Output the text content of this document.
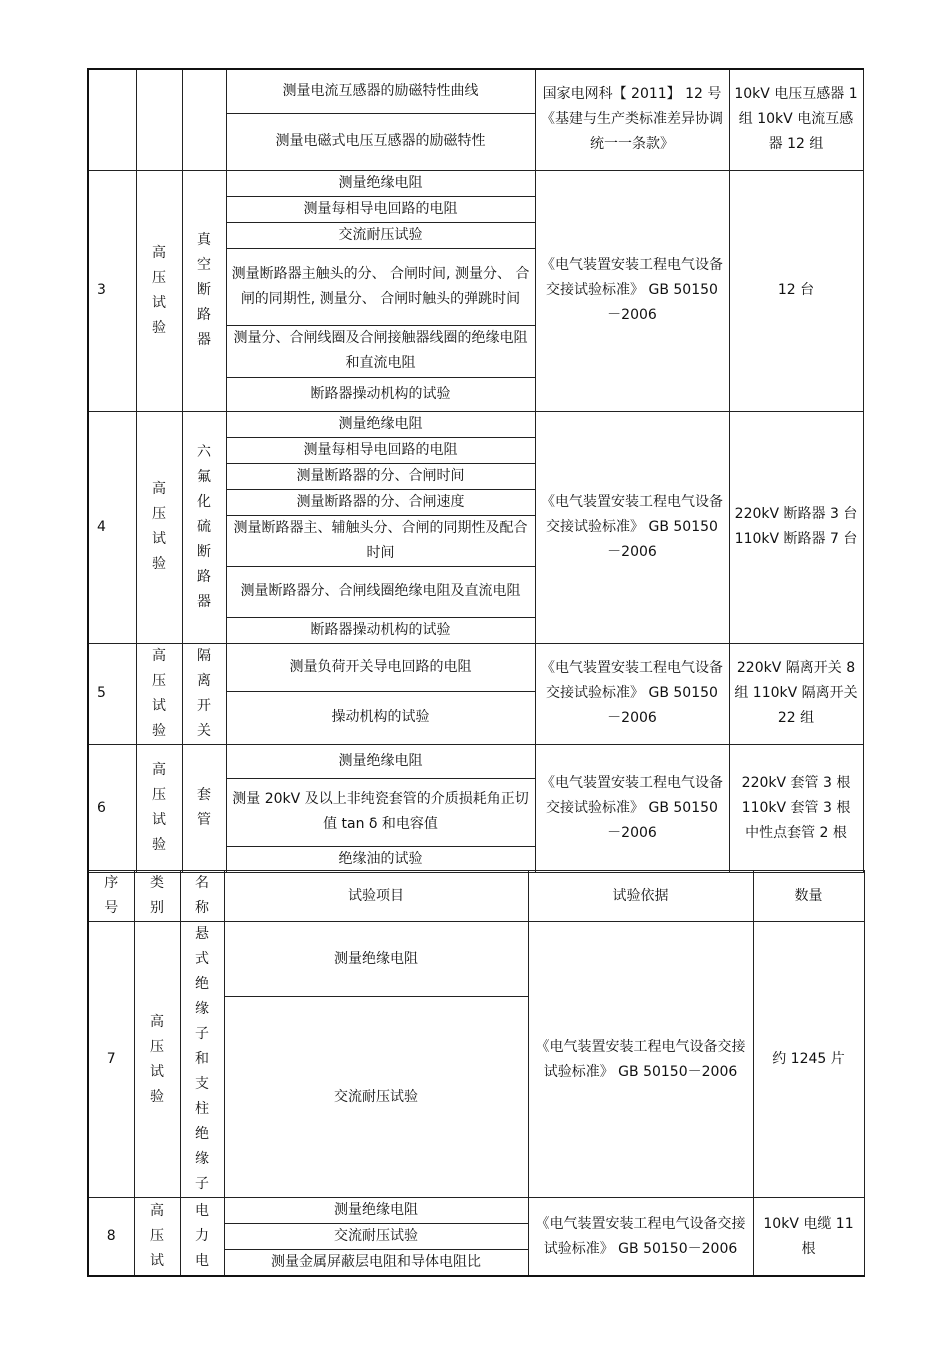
			测量电流互感器的励磁特性曲线	国家电网科【 2011】 12 号《基建与生产类标准差异协调统一一条款》	10kV 电压互感器 1 组 10kV 电流互感器 12 组
			测量电磁式电压互感器的励磁特性		
3	高压试验	真空断路器	测量绝缘电阻	《电气装置安装工程电气设备交接试验标准》 GB 50150－2006	12 台
			测量每相导电回路的电阻		
			交流耐压试验		
			测量断路器主触头的分、 合闸时间, 测量分、 合闸的同期性, 测量分、 合闸时触头的弹跳时间		
			测量分、合闸线圈及合闸接触器线圈的绝缘电阻和直流电阻		
			断路器操动机构的试验		
4	高压试验	六氟化硫断路器	测量绝缘电阻	《电气装置安装工程电气设备交接试验标准》 GB 50150－2006	220kV 断路器 3 台 110kV 断路器 7 台
			测量每相导电回路的电阻		
			测量断路器的分、合闸时间		
			测量断路器的分、合闸速度		
			测量断路器主、辅触头分、合闸的同期性及配合时间		
			测量断路器分、合闸线圈绝缘电阻及直流电阻		
			断路器操动机构的试验		
5	高压试验	隔离开关	测量负荷开关导电回路的电阻	《电气装置安装工程电气设备交接试验标准》 GB 50150－2006	220kV 隔离开关 8 组 110kV 隔离开关 22 组
			操动机构的试验		
6	高压试验	套管	测量绝缘电阻	《电气装置安装工程电气设备交接试验标准》 GB 50150－2006	220kV 套管 3 根 110kV 套管 3 根 中性点套管 2 根
			测量 20kV 及以上非纯瓷套管的介质损耗角正切值 tan δ 和电容值		
			绝缘油的试验		
序号	类别	名称	试验项目	试验依据	数量
7	高压试验	悬式绝缘子和支柱绝缘子	测量绝缘电阻	《电气装置安装工程电气设备交接试验标准》 GB 50150－2006	约 1245 片
			交流耐压试验		
8	高压试	电力电	测量绝缘电阻	《电气装置安装工程电气设备交接试验标准》 GB 50150－2006	10kV 电缆 11 根
			交流耐压试验		
			测量金属屏蔽层电阻和导体电阻比		
